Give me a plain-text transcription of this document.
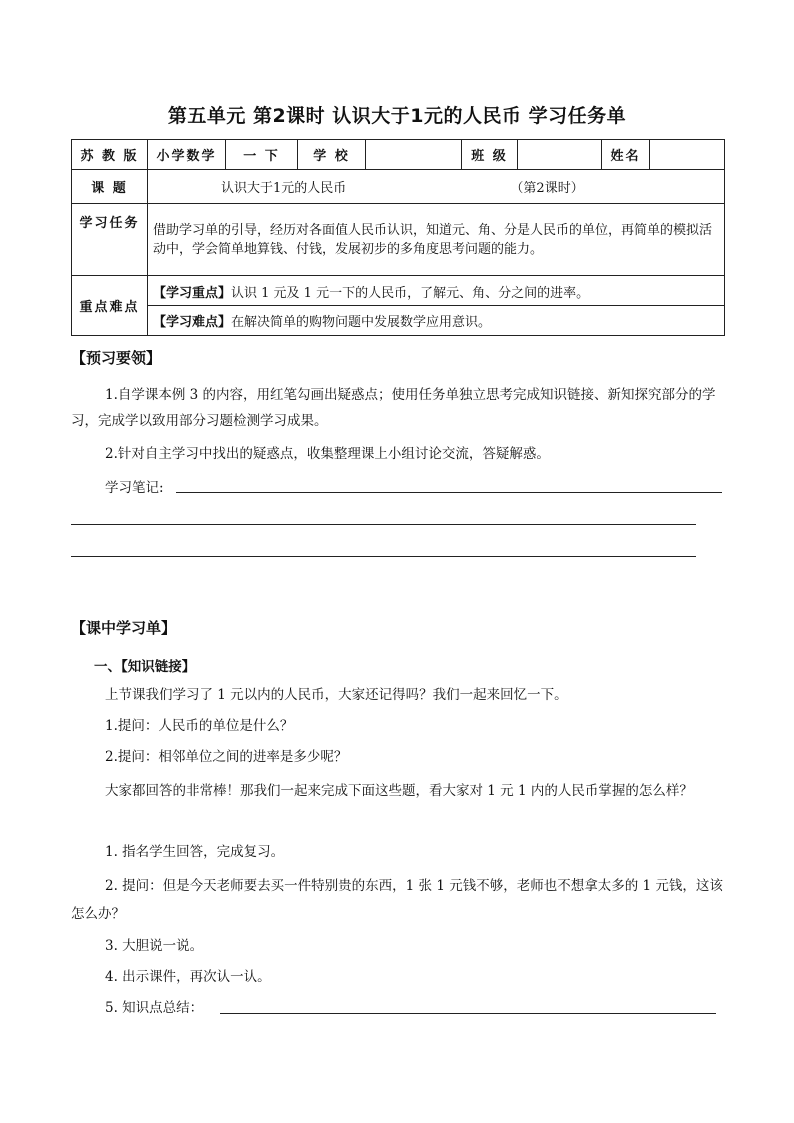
第五单元 第2课时 认识大于1元的人民币 学习任务单
苏 教 版	小学数学	一 下	学 校		班 级		姓名	
课 题	认识大于1元的人民币 （第2课时）							
学习任务	借助学习单的引导，经历对各面值人民币认识，知道元、角、分是人民币的单位，再简单的模拟活动中，学会简单地算钱、付钱，发展初步的多角度思考问题的能力。							
重点难点	【学习重点】认识 1 元及 1 元一下的人民币，了解元、角、分之间的进率。
【学习难点】在解决简单的购物问题中发展数学应用意识。							
【预习要领】
1.自学课本例 3 的内容，用红笔勾画出疑惑点；使用任务单独立思考完成知识链接、新知探究部分的学习，完成学以致用部分习题检测学习成果。
2.针对自主学习中找出的疑惑点，收集整理课上小组讨论交流，答疑解惑。
学习笔记:
【课中学习单】
一、【知识链接】
上节课我们学习了 1 元以内的人民币，大家还记得吗？我们一起来回忆一下。
1.提问：人民币的单位是什么？
2.提问：相邻单位之间的进率是多少呢？
大家都回答的非常棒！那我们一起来完成下面这些题，看大家对 1 元 1 内的人民币掌握的怎么样？
1. 指名学生回答，完成复习。
2. 提问：但是今天老师要去买一件特别贵的东西，1 张 1 元钱不够，老师也不想拿太多的 1 元钱，这该怎么办？
3. 大胆说一说。
4. 出示课件，再次认一认。
5. 知识点总结：
